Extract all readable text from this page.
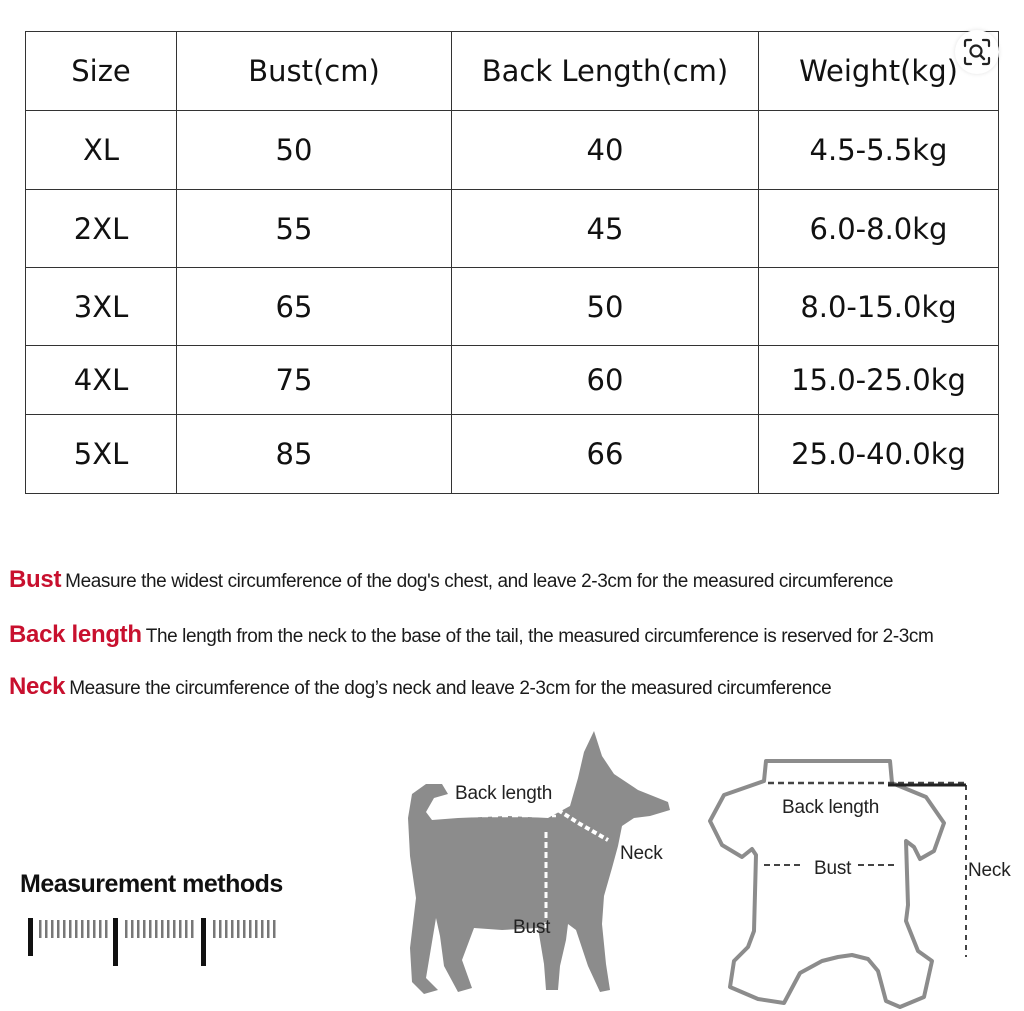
Size	Bust(cm)	Back Length(cm)	Weight(kg)
XL	50	40	4.5-5.5kg
2XL	55	45	6.0-8.0kg
3XL	65	50	8.0-15.0kg
4XL	75	60	15.0-25.0kg
5XL	85	66	25.0-40.0kg
Bust Measure the widest circumference of the dog's chest, and leave 2-3cm for the measured circumference
Back length The length from the neck to the base of the tail, the measured circumference is reserved for 2-3cm
Neck Measure the circumference of the dog’s neck and leave 2-3cm for the measured circumference
Measurement methods
Back length
Neck
Bust
Back length
Bust	Neck
